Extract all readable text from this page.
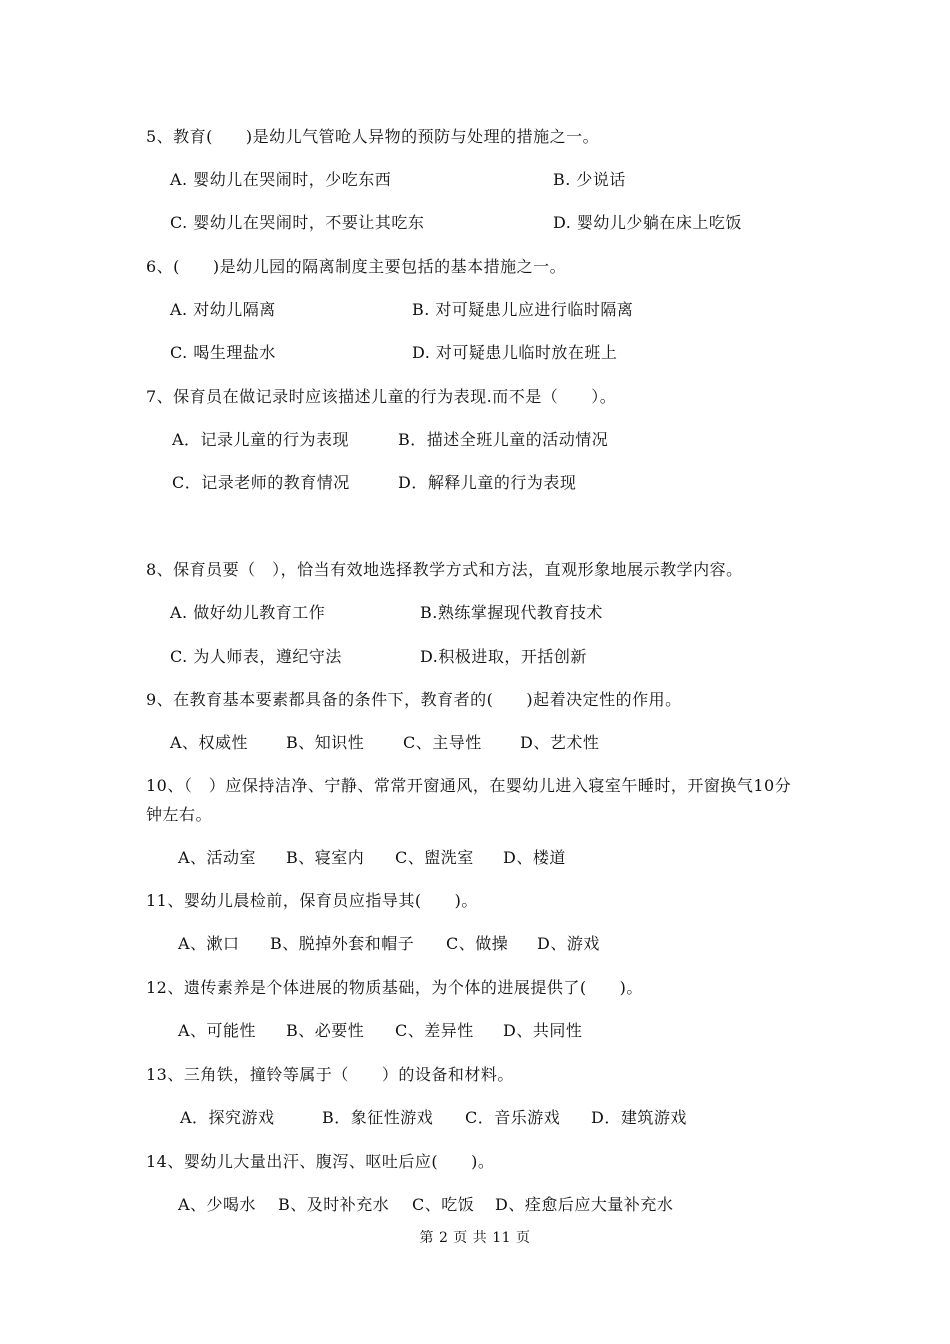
5、教育(　　)是幼儿气管呛人异物的预防与处理的措施之一。
A. 婴幼儿在哭闹时，少吃东西	B. 少说话
C. 婴幼儿在哭闹时，不要让其吃东	D. 婴幼儿少躺在床上吃饭
6、(　　)是幼儿园的隔离制度主要包括的基本措施之一。
A. 对幼儿隔离	B. 对可疑患儿应进行临时隔离
C. 喝生理盐水	D. 对可疑患儿临时放在班上
7、保育员在做记录时应该描述儿童的行为表现.而不是（　　）。
A．记录儿童的行为表现	B．描述全班儿童的活动情况
C．记录老师的教育情况	D．解释儿童的行为表现
8、保育员要（　），恰当有效地选择教学方式和方法，直观形象地展示教学内容。
A. 做好幼儿教育工作	B.熟练掌握现代教育技术
C. 为人师表，遵纪守法	D.积极进取，开括创新
9、在教育基本要素都具备的条件下，教育者的(　　)起着决定性的作用。
A、权威性 B、知识性 C、主导性 D、艺术性
10、（　）应保持洁净、宁静、常常开窗通风，在婴幼儿进入寝室午睡时，开窗换气10分
钟左右。
A、活动室 B、寝室内 C、盥洗室 D、楼道
11、婴幼儿晨检前，保育员应指导其(　　)。
A、漱口 B、脱掉外套和帽子 C、做操 D、游戏
12、遗传素养是个体进展的物质基础，为个体的进展提供了(　　)。
A、可能性 B、必要性 C、差异性 D、共同性
13、三角铁，撞铃等属于（　　）的设备和材料。
A．探究游戏	B．象征性游戏 C．音乐游戏 D．建筑游戏
14、婴幼儿大量出汗、腹泻、呕吐后应(　　)。
A、少喝水 B、及时补充水 C、吃饭 D、痊愈后应大量补充水
第 2 页 共 11 页
